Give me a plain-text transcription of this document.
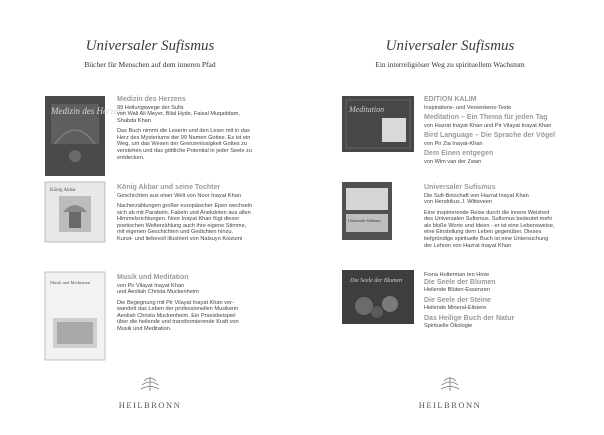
Universaler Sufismus
Bücher für Menschen auf dem inneren Pfad
Medizin des Herzens
Medizin des Herzens
99 Heilungswege der Sufis
von Wali Ali Meyer, Bilal Hyde, Faisal Muqaddam,
Shabda Khan
Das Buch nimmt die Leserin und den Leser mit in das
Herz des Mysteriums der 99 Namen Gottes. Es ist ein
Weg, um das Wesen der Grenzenlosigkeit Gottes zu
verstehen und das göttliche Potential in jeder Seele zu
entdecken.
König Akbar	König Akbar und seine Tochter
Geschichten aus einer Welt von Noor Inayat Khan
Nacherzählungen großer europäischer Epen wechseln
sich ab mit Parabeln, Fabeln und Anekdoten aus allen
Himmelsrichtungen. Noor Inayat Khan fügt dieser
poetischen Welterzählung auch ihre eigene Stimme,
mit eigenen Geschichten und Gedichten hinzu.
Kunst- und liebevoll illustriert von Natsuyo Koizumi
Musik und Meditation
Musik und Meditation
von Pir Vilayat Inayat Khan
und Aeoliah Christa Muckenheim
Die Begegnung mit Pir Vilayat Inayat Khan ver-
wandelt das Leben der professionellen Musikerin
Aeoliah Christa Muckenheim. Ein Praxisbeispiel
über die heilende und transformierende Kraft von
Musik und Meditation.
HEILBRONN
Universaler Sufismus
Ein interreligiöser Weg zu spirituellem Wachstum
Meditation
EDITION KALIM
Inspirations- und Versenkens-Texte
Meditation – Ein Thema für jeden Tag
von Hazrat Inayat Khan und Pir Vilayat Inayat Khan
Bird Language – Die Sprache der Vögel
von Pir Zia Inayat-Khan
Dem Einen entgegen
von Wim van der Zwan
Universaler Sufismus
Universaler Sufismus
Die Sufi-Botschaft von Hazrat Inayat Khan
von Hendrikus J. Witteveen
Eine inspirierende Reise durch die innere Weisheit
des Universalen Sufismus. Sufismus bedeutet mehr
als bloße Worte und Ideen - er ist eine Lebensweise,
eine Einstellung dem Leben gegenüber. Dieses
tiefgründige spirituelle Buch ist eine Untersuchung
der Lehren von Hazrat Inayat Khan
Die Seele der Blumen
Fiona Holterman ten Hove
Die Seele der Blumen
Heilende Blüten-Essenzen
Die Seele der Steine
Heilende Mineral-Elixiere
Das Heilige Buch der Natur
Spirituelle Ökologie
HEILBRONN
